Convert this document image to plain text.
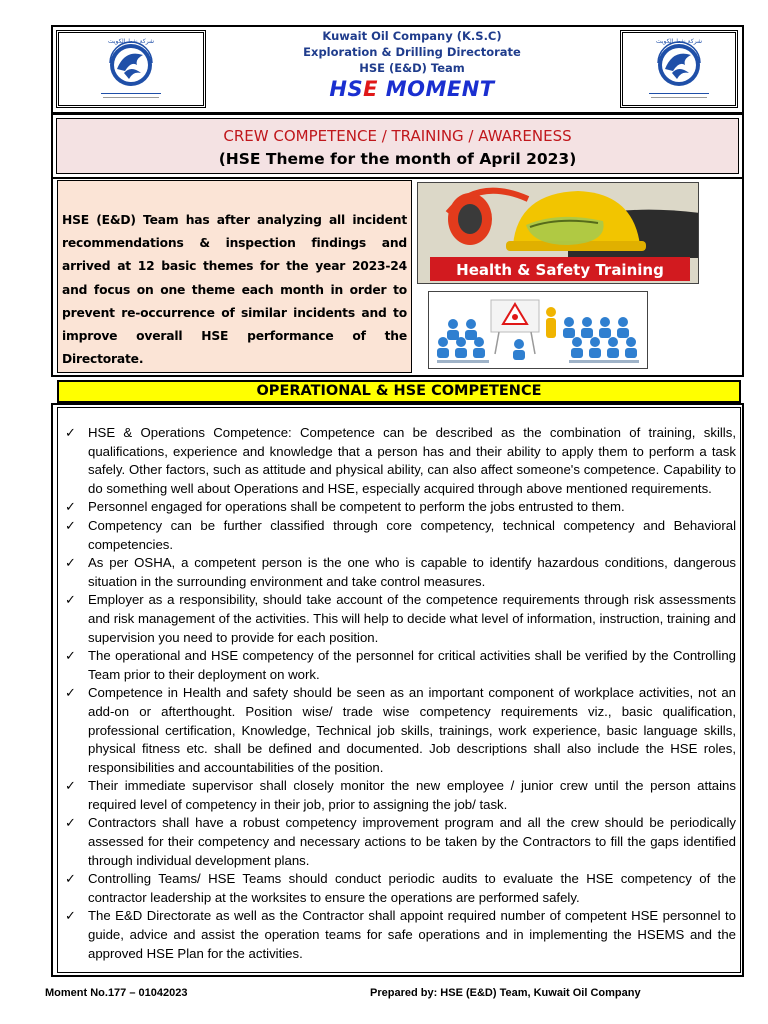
شركة نفط الكويت	Kuwait Oil Company (K.S.C)
Exploration & Drilling Directorate
HSE (E&D) Team
HSE MOMENT
شركة نفط الكويت
CREW COMPETENCE / TRAINING / AWARENESS
(HSE Theme for the month of April 2023)

HSE (E&D) Team has after analyzing all incident recommendations & inspection findings and arrived at 12 basic themes for the year 2023-24 and focus on one theme each month in order to prevent re-occurrence of similar incidents and to improve overall HSE performance of the Directorate.

Health & Safety Training
OPERATIONAL & HSE COMPETENCE
✓ HSE & Operations Competence: Competence can be described as the combination of training, skills, qualifications, experience and knowledge that a person has and their ability to apply them to perform a task safely. Other factors, such as attitude and physical ability, can also affect someone's competence. Capability to do something well about Operations and HSE, especially acquired through above mentioned requirements.
✓ Personnel engaged for operations shall be competent to perform the jobs entrusted to them.
✓ Competency can be further classified through core competency, technical competency and Behavioral competencies.
✓ As per OSHA, a competent person is the one who is capable to identify hazardous conditions, dangerous situation in the surrounding environment and take control measures.
✓ Employer as a responsibility, should take account of the competence requirements through risk assessments and risk management of the activities. This will help to decide what level of information, instruction, training and supervision you need to provide for each position.
✓ The operational and HSE competency of the personnel for critical activities shall be verified by the Controlling Team prior to their deployment on work.
✓ Competence in Health and safety should be seen as an important component of workplace activities, not an add-on or afterthought. Position wise/ trade wise competency requirements viz., basic qualification, professional certification, Knowledge, Technical job skills, trainings, work experience, basic language skills, physical fitness etc. shall be defined and documented. Job descriptions shall also include the HSE roles, responsibilities and accountabilities of the position.
✓ Their immediate supervisor shall closely monitor the new employee / junior crew until the person attains required level of competency in their job, prior to assigning the job/ task.
✓ Contractors shall have a robust competency improvement program and all the crew should be periodically assessed for their competency and necessary actions to be taken by the Contractors to fill the gaps identified through individual development plans.
✓ Controlling Teams/ HSE Teams should conduct periodic audits to evaluate the HSE competency of the contractor leadership at the worksites to ensure the operations are performed safely.
✓ The E&D Directorate as well as the Contractor shall appoint required number of competent HSE personnel to guide, advice and assist the operation teams for safe operations and in implementing the HSEMS and the approved HSE Plan for the activities.
Moment No.177 – 01042023	Prepared by: HSE (E&D) Team, Kuwait Oil Company
